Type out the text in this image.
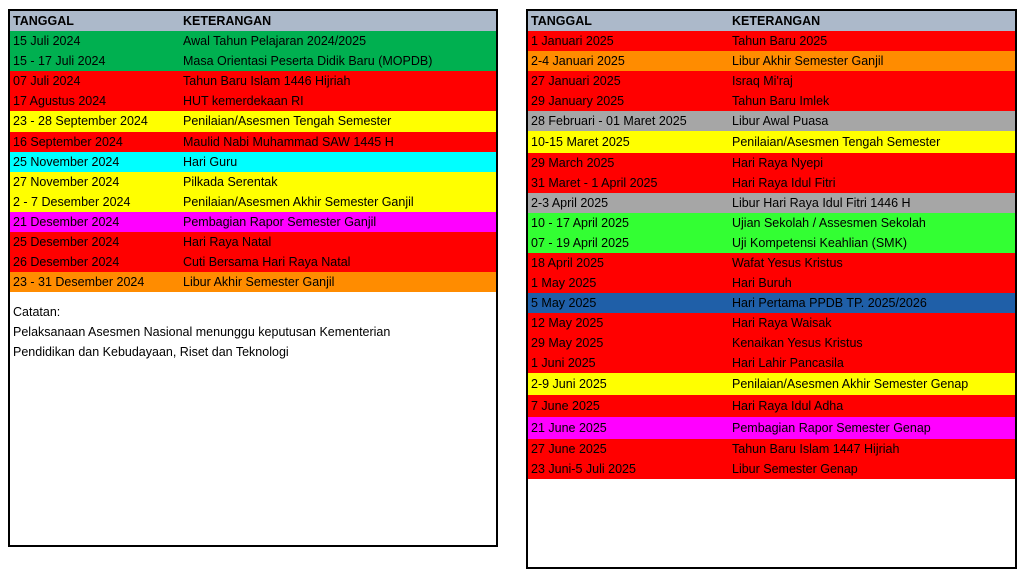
TANGGAL	KETERANGAN
15 Juli 2024	Awal Tahun Pelajaran 2024/2025
15 - 17 Juli 2024	Masa Orientasi Peserta Didik Baru (MOPDB)
07 Juli 2024	Tahun Baru Islam 1446 Hijriah
17 Agustus 2024	HUT kemerdekaan RI
23 - 28 September 2024	Penilaian/Asesmen Tengah Semester
16 September 2024	Maulid Nabi Muhammad SAW 1445 H
25 November 2024	Hari Guru
27 November 2024	Pilkada Serentak
2 - 7 Desember 2024	Penilaian/Asesmen Akhir Semester Ganjil
21 Desember 2024	Pembagian Rapor Semester Ganjil
25 Desember 2024	Hari Raya Natal
26 Desember 2024	Cuti Bersama Hari Raya Natal
23 - 31 Desember 2024	Libur Akhir Semester Ganjil
Catatan:
Pelaksanaan Asesmen Nasional menunggu keputusan Kementerian
Pendidikan dan Kebudayaan, Riset dan Teknologi
TANGGAL	KETERANGAN
1 Januari 2025	Tahun Baru 2025
2-4 Januari 2025	Libur Akhir Semester Ganjil
27 Januari 2025	Israq Mi'raj
29 January 2025	Tahun Baru Imlek
28 Februari - 01 Maret 2025	Libur Awal Puasa
10-15 Maret 2025	Penilaian/Asesmen Tengah Semester
29 March 2025	Hari Raya Nyepi
31 Maret - 1 April 2025	Hari Raya Idul Fitri
2-3 April 2025	Libur Hari Raya Idul Fitri 1446 H
10 - 17 April 2025	Ujian Sekolah / Assesmen Sekolah
07 - 19 April 2025	Uji Kompetensi Keahlian (SMK)
18 April 2025	Wafat Yesus Kristus
1 May 2025	Hari Buruh
5 May 2025	Hari Pertama PPDB TP. 2025/2026
12 May 2025	Hari Raya Waisak
29 May 2025	Kenaikan Yesus Kristus
1 Juni 2025	Hari Lahir Pancasila
2-9 Juni 2025	Penilaian/Asesmen Akhir Semester Genap
7 June 2025	Hari Raya Idul Adha
21 June 2025	Pembagian Rapor Semester Genap
27 June 2025	Tahun Baru Islam 1447 Hijriah
23 Juni-5 Juli 2025	Libur Semester Genap
